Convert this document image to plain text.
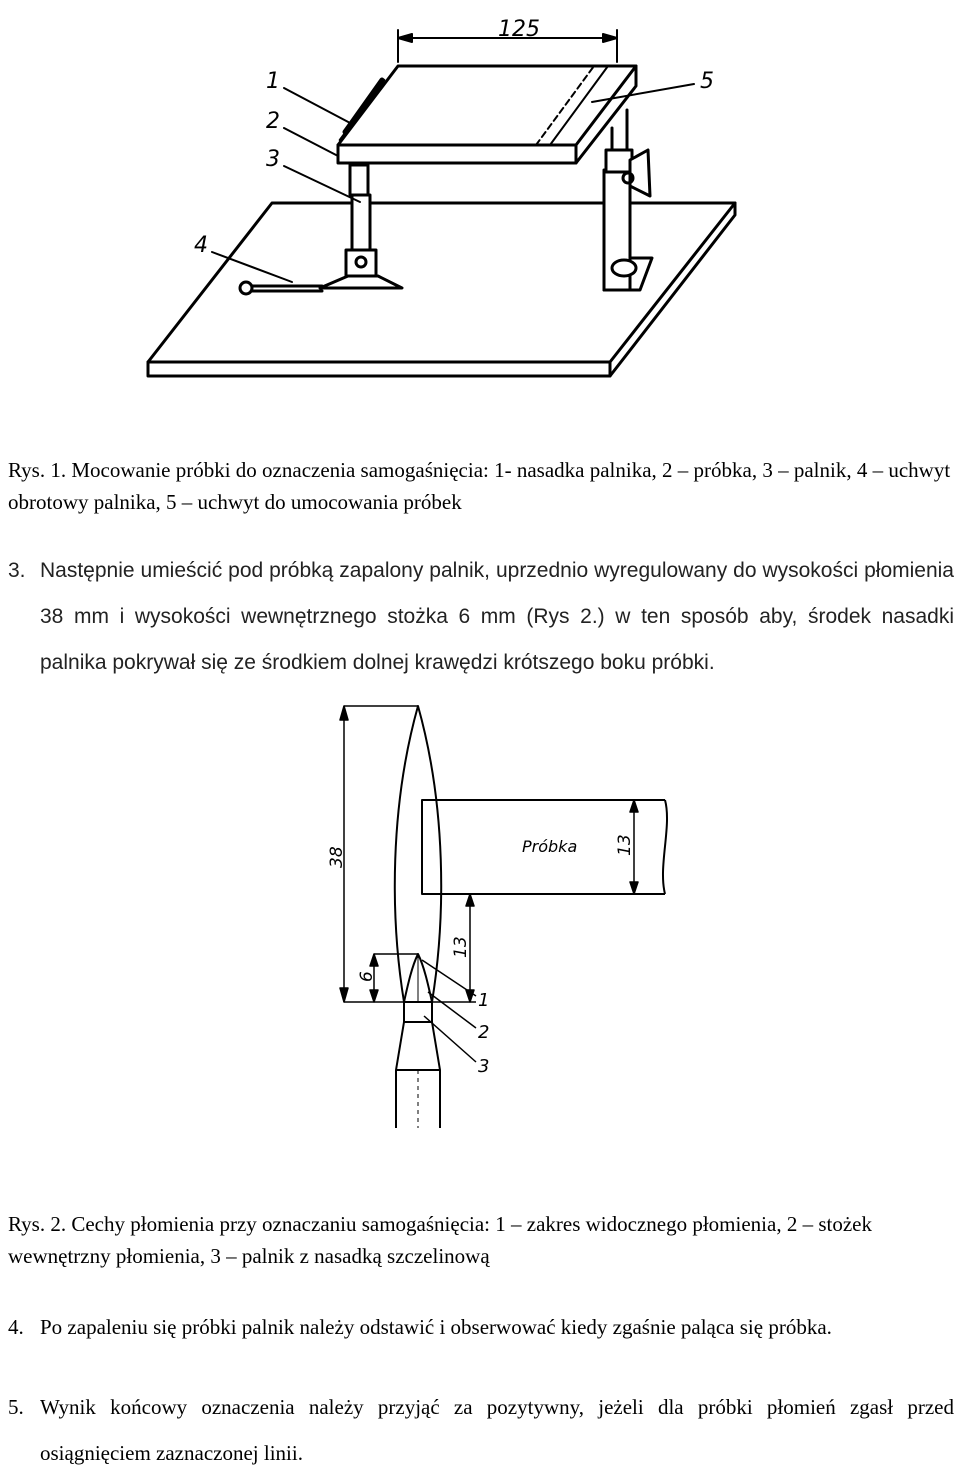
125
1
2
3
4
5

Rys. 1. Mocowanie próbki do oznaczenia samogaśnięcia: 1- nasadka palnika, 2 – próbka, 3 – palnik, 4 – uchwyt obrotowy palnika, 5 – uchwyt do umocowania próbek

3. Następnie umieścić pod próbką zapalony palnik, uprzednio wyregulowany do wysokości płomienia 38 mm i wysokości wewnętrznego stożka 6 mm (Rys 2.) w ten sposób aby, środek nasadki palnika pokrywał się ze środkiem dolnej krawędzi krótszego boku próbki.
38
6
13
13
Próbka
1
2
3

Rys. 2. Cechy płomienia przy oznaczaniu samogaśnięcia: 1 – zakres widocznego płomienia, 2 – stożek wewnętrzny płomienia, 3 – palnik z nasadką szczelinową

4. Po zapaleniu się próbki palnik należy odstawić i obserwować kiedy zgaśnie paląca się próbka.
5. Wynik końcowy oznaczenia należy przyjąć za pozytywny, jeżeli dla próbki płomień zgasł przed osiągnięciem zaznaczonej linii.
